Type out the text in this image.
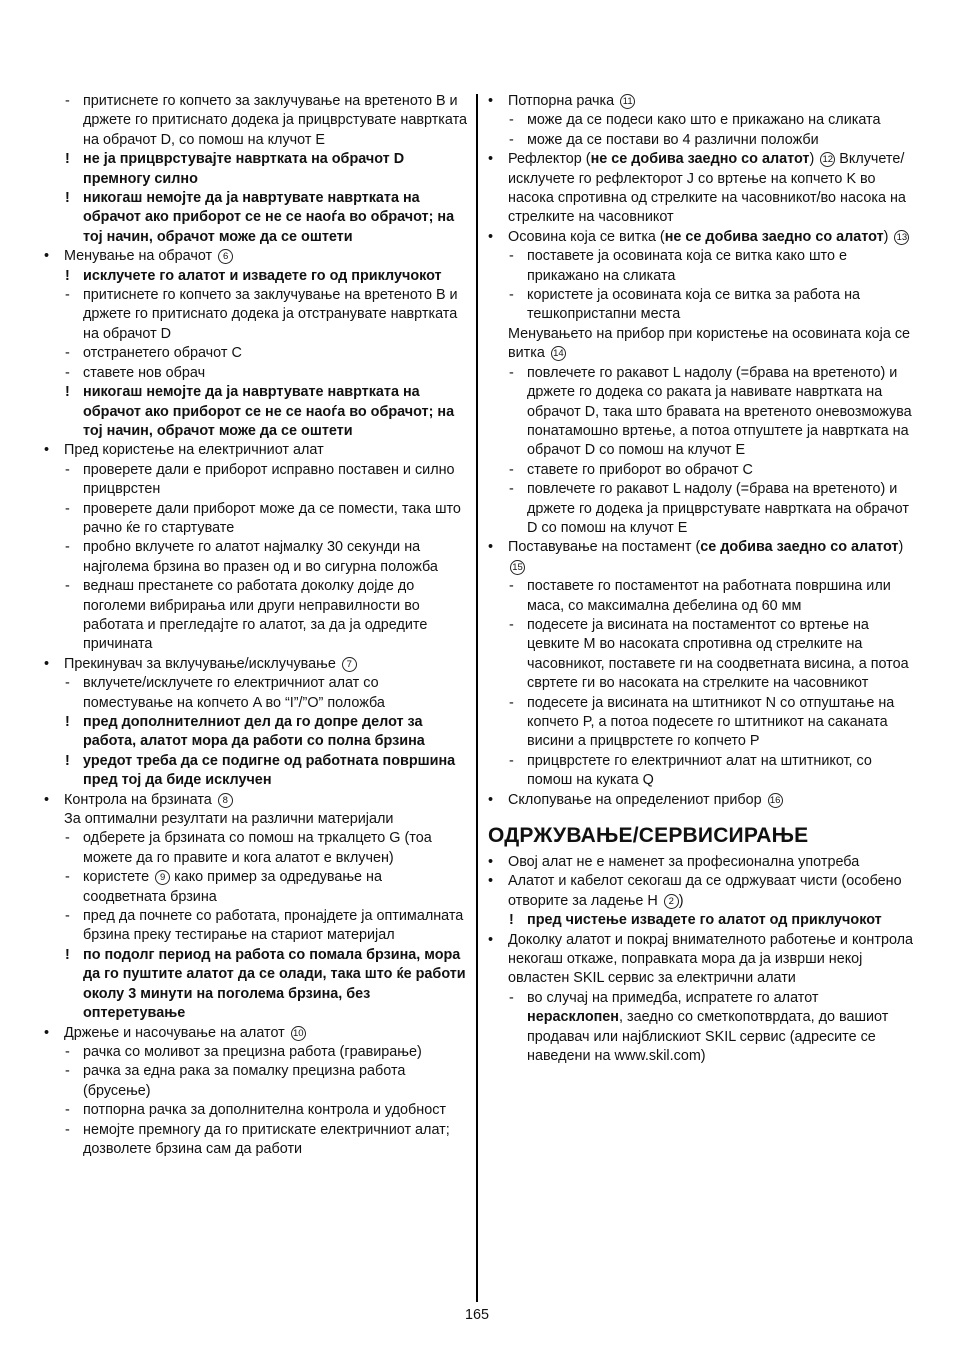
- притиснете го копчето за заклучување на вретеното B и држете го притиснато додека ја прицврстувате навртката на обрачот D, со помош на клучот E
! не ја прицврстувајте навртката на обрачот D премногу силно
! никогаш немојте да ја навртувате навртката на обрачот ако приборот се не се наоѓа во обрачот; на тој начин, обрачот може да се оштети
• Менување на обрачот 6
! исклучете го алатот и извадете го од приклучокот
- притиснете го копчето за заклучување на вретеното B и држете го притиснато додека ја отстранувате навртката на обрачот D
- отстранетего обрачот C
- ставете нов обрач
! никогаш немојте да ја навртувате навртката на обрачот ако приборот се не се наоѓа во обрачот; на тој начин, обрачот може да се оштети
• Пред користење на електричниот алат
- проверете дали е приборот исправно поставен и силно прицврстен
- проверете дали приборот може да се помести, така што рачно ќе го стартувате
- пробно вклучете го алатот најмалку 30 секунди на најголема брзина во празен од и во сигурна положба
- веднаш престанете со работата доколку дојде до поголеми вибрирања или други неправилности во работата и прегледајте го алатот, за да ја одредите причината
• Прекинувач за вклучување/исклучување 7
- вклучете/исклучете го електричниот алат со поместување на копчето A во “I”/”O” положба
! пред дополнителниот дел да го допре делот за работа, алатот мора да работи со полна брзина
! уредот треба да се подигне од работната површина пред тој да биде исклучен
• Контрола на брзината 8
За оптимални резултати на различни материјали
- одберете ја брзината со помош на тркалцето G (тоа можете да го правите и кога алатот е вклучен)
- користете 9 како пример за одредување на соодветната брзина
- пред да почнете со работата, пронајдете ја оптималната брзина преку тестирање на стариот материјал
! по подолг период на работа со помала брзина, мора да го пуштите алатот да се олади, така што ќе работи околу 3 минути на поголема брзина, без оптеретување
• Држење и насочување на алатот 10
- рачка со моливот за прецизна работа (гравирање)
- рачка за една рака за помалку прецизна работа (брусење)
- потпорна рачка за дополнителна контрола и удобност
- немојте премногу да го притискате електричниот алат; дозволете брзина сам да работи
• Потпорна рачка 11
- може да се подеси како што е прикажано на сликата
- може да се постави во 4 различни положби
• Рефлектор (не се добива заедно со алатот) 12 Вклучете/исклучете го рефлекторот J со вртење на копчето K во насока спротивна од стрелките на часовникот/во насока на стрелките на часовникот
• Осовина која се витка (не се добива заедно со алатот) 13
- поставете ја осовината која се витка како што е прикажано на сликата
- користете ја осовината која се витка за работа на тешкопристапни места
Менувањето на прибор при користење на осовината која се витка 14
- повлечете го ракавот L надолу (=брава на вретеното) и држете го додека со ракатa ја навивате навртката на обрачот D, така што бравата на вретеното оневозможува понатамошно вртење, а потоа отпуштете ја навртката на обрачот D со помош на клучот E
- ставете го приборот во обрачот C
- повлечете го ракавот L надолу (=брава на вретеното) и држете го додека ја прицврстувате навртката на обрачот D со помош на клучот E
• Поставување на постамент (се добива заедно со алатот) 15
- поставете го постаментот на работната површина или маса, со максимална дебелина од 60 мм
- подесете ја висината на постаментот со вртење на цевките M во насоката спротивна од стрелките на часовникот, поставете ги на соодветната висина, а потоа свртете ги во насоката на стрелките на часовникот
- подесете ја висината на штитникот N со отпуштање на копчето P, а потоа подесете го штитникот на саканата висини а прицврстете го копчето P
- прицврстете го електричниот алат на штитникот, со помош на куката Q
• Склопување на определениот прибор 16
ОДРЖУВАЊЕ/СЕРВИСИРАЊЕ
• Овој алат не е наменет за професионална употреба
• Алатот и кабелот секогаш да се одржуваат чисти (особено отворите за ладење H 2 )
! пред чистење извадете го алатот од приклучокот
• Доколку алатот и покрај внимателното работење и контрола некогаш откаже, поправката мора да ја изврши некој овластен SKIL сервис за електрични алати
- во случај на примедба, испратете го алатот нерасклопен, заедно со сметкопотврдата, до вашиот продавач или најблискиот SKIL сервис (адресите се наведени на www.skil.com)
165
